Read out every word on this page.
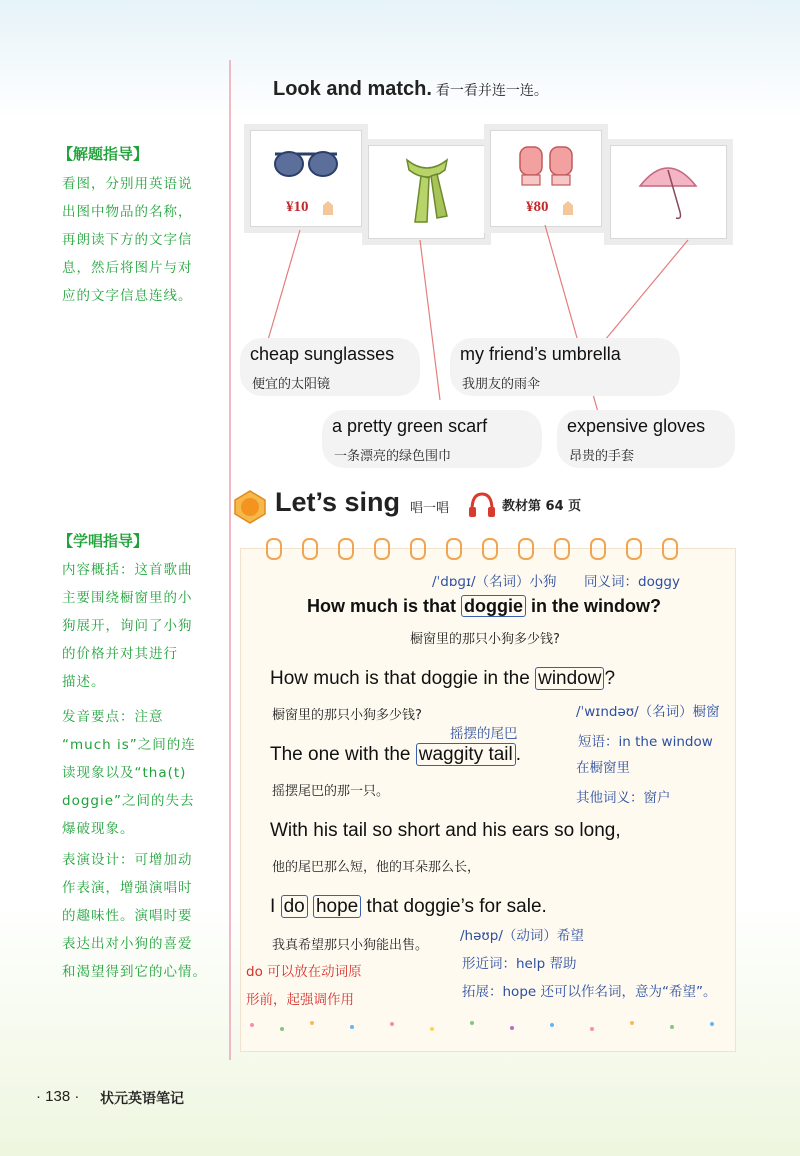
Look and match. 看一看并连一连。
【解题指导】
看图，分别用英语说
出图中物品的名称，
再朗读下方的文字信
息，然后将图片与对
应的文字信息连线。
¥10	¥80
cheap sunglasses
便宜的太阳镜
my friend’s umbrella
我朋友的雨伞
a pretty green scarf
一条漂亮的绿色围巾
expensive gloves
昂贵的手套
Let’s sing 唱一唱	教材第 64 页
【学唱指导】
内容概括：这首歌曲
主要围绕橱窗里的小
狗展开，询问了小狗
的价格并对其进行
描述。
发音要点：注意
“much is”之间的连
读现象以及“tha(t)
doggie”之间的失去
爆破现象。
表演设计：可增加动
作表演，增强演唱时
的趣味性。演唱时要
表达出对小狗的喜爱
和渴望得到它的心情。
/ˈdɒɡɪ/（名词）小狗 同义词：doggy
How much is that doggie in the window?
橱窗里的那只小狗多少钱?
How much is that doggie in the window ?
橱窗里的那只小狗多少钱?	/ˈwɪndəʊ/（名词）橱窗
摇摆的尾巴
The one with the waggity tail .
短语：in the window
在橱窗里
摇摆尾巴的那一只。	其他词义：窗户
With his tail so short and his ears so long,
他的尾巴那么短，他的耳朵那么长，
I do hope that doggie’s for sale.
我真希望那只小狗能出售。
/həʊp/（动词）希望
形近词：help 帮助
拓展：hope 还可以作名词，意为“希望”。
do 可以放在动词原
形前，起强调作用
· 138 · 状元英语笔记
